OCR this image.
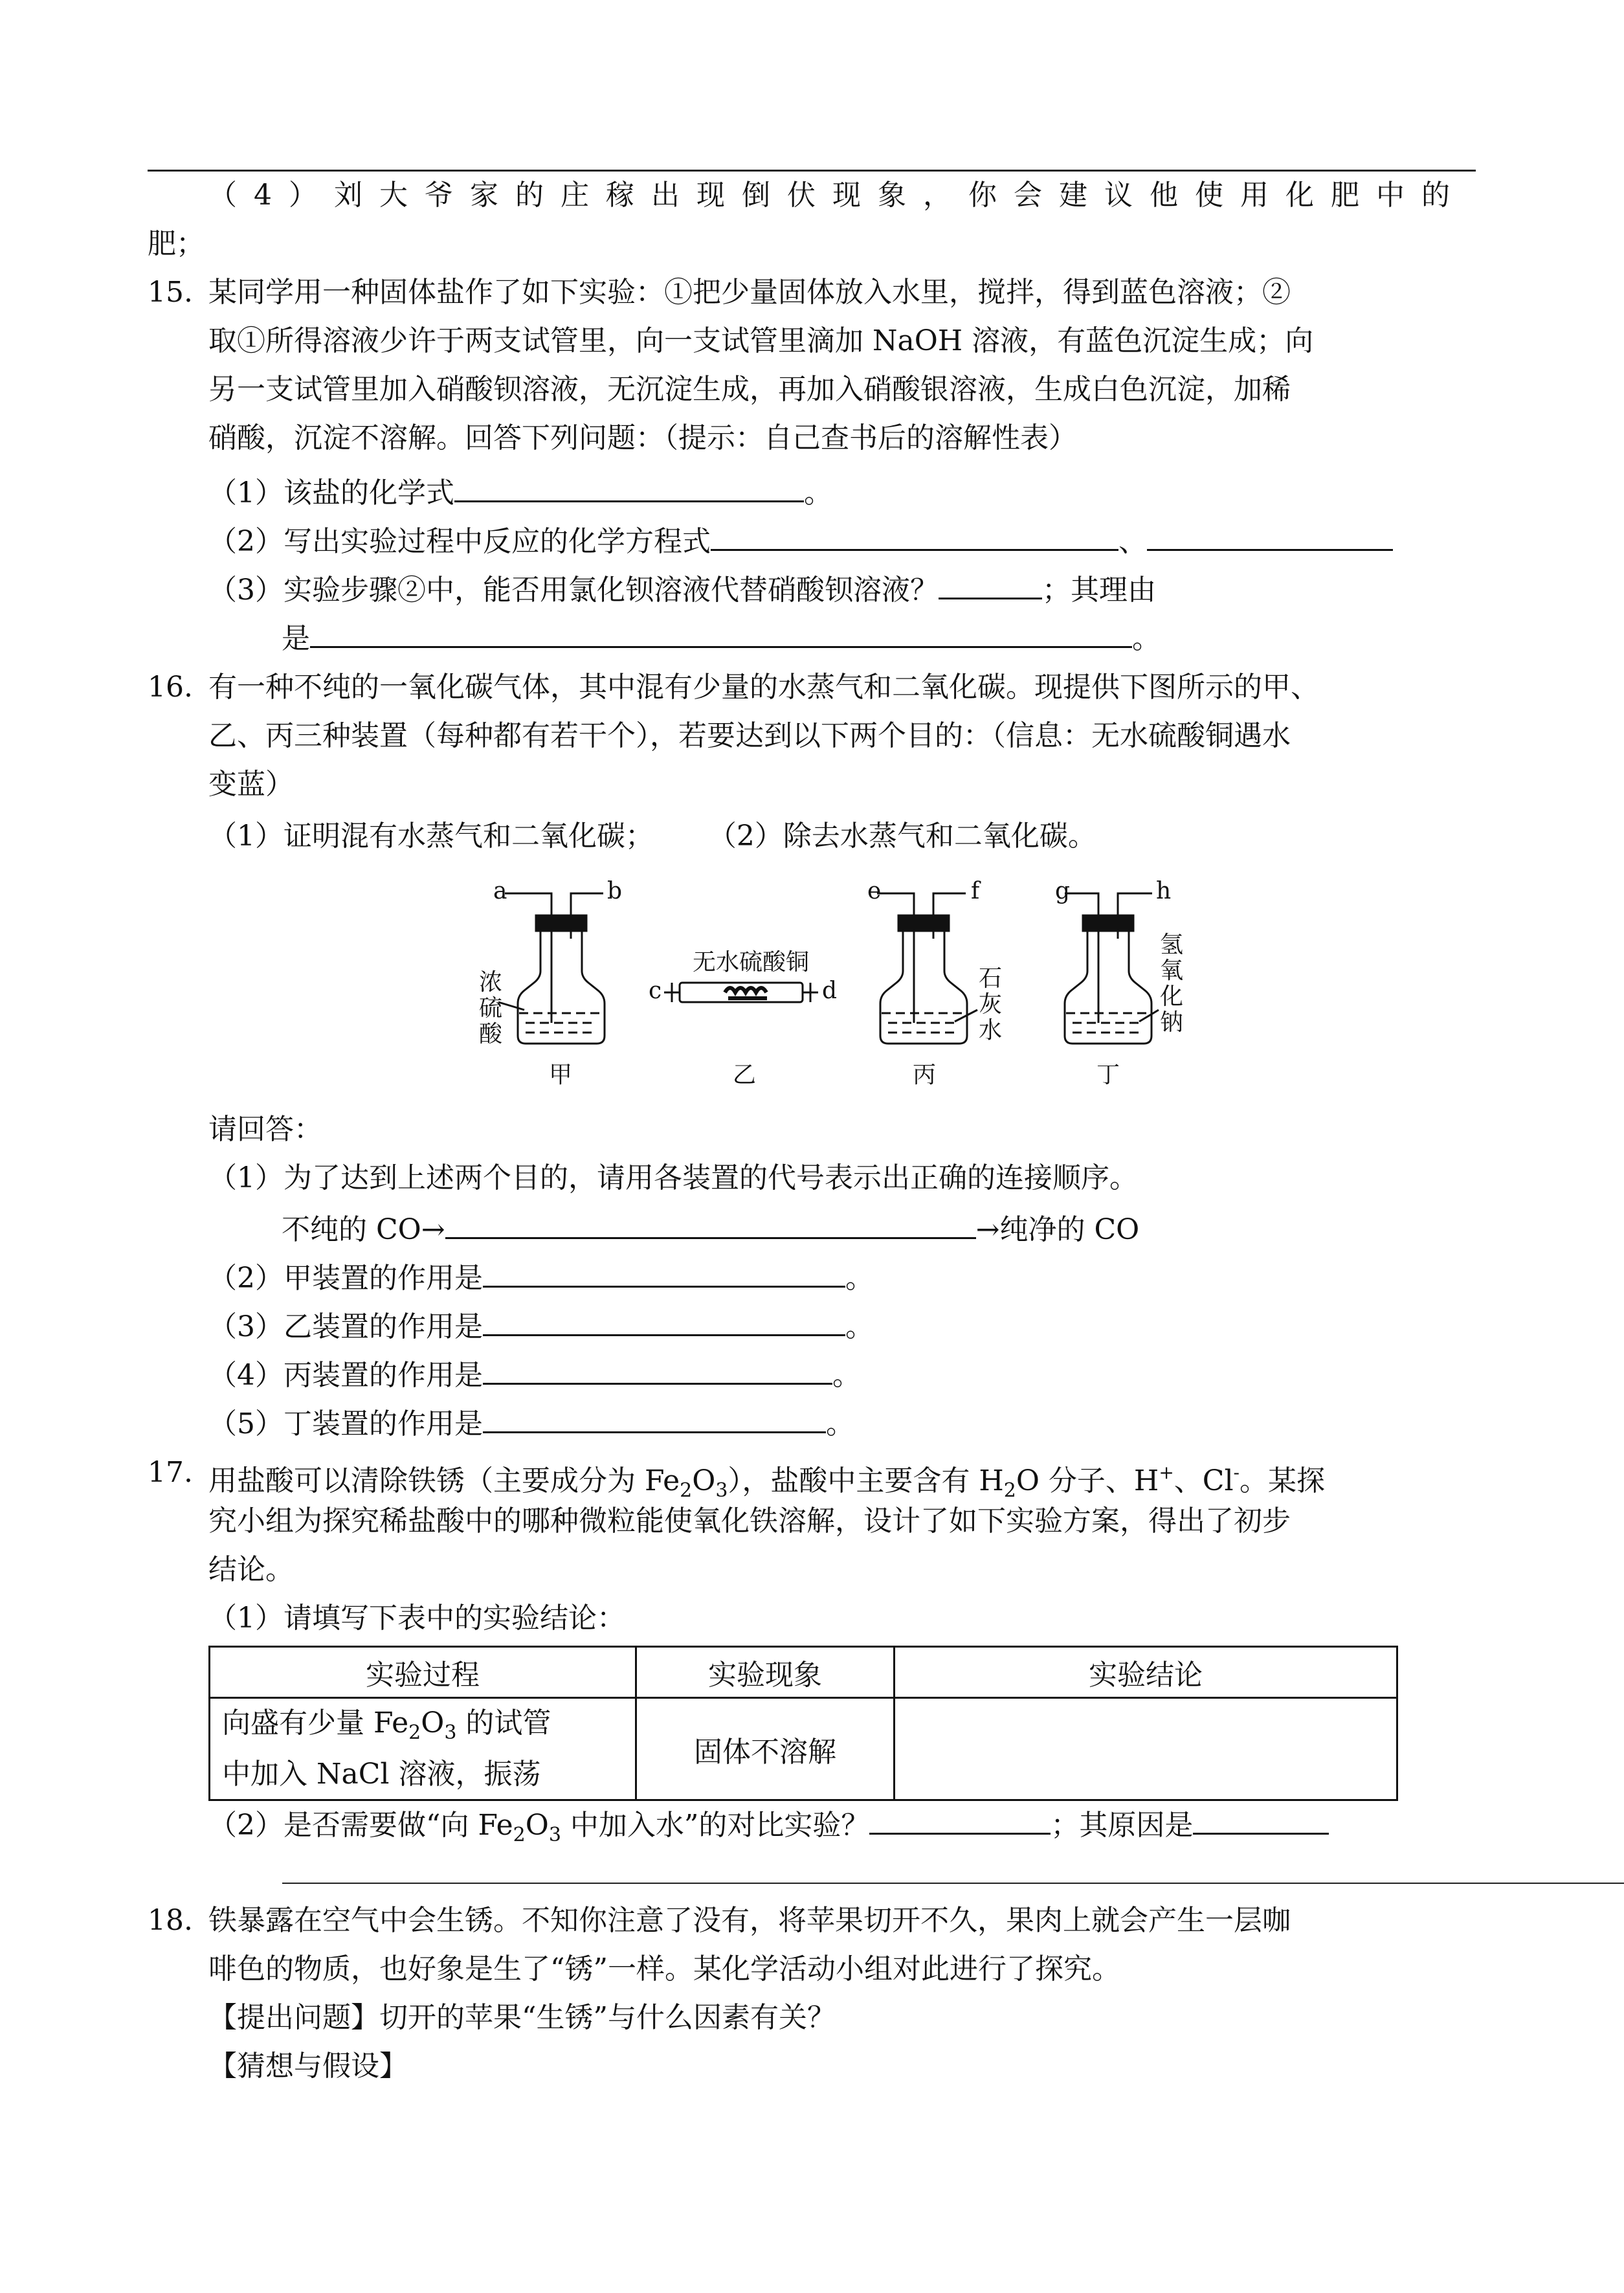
（4）刘大爷家的庄稼出现倒伏现象，你会建议他使用化肥中的
肥；
15. 某同学用一种固体盐作了如下实验：①把少量固体放入水里，搅拌，得到蓝色溶液；②
取①所得溶液少许于两支试管里，向一支试管里滴加 NaOH 溶液，有蓝色沉淀生成；向
另一支试管里加入硝酸钡溶液，无沉淀生成，再加入硝酸银溶液，生成白色沉淀，加稀
硝酸，沉淀不溶解。回答下列问题：（提示：自己查书后的溶解性表）
（1）该盐的化学式	。
（2）写出实验过程中反应的化学方程式	、
（3）实验步骤②中，能否用氯化钡溶液代替硝酸钡溶液？	；其理由
是	。
16. 有一种不纯的一氧化碳气体，其中混有少量的水蒸气和二氧化碳。现提供下图所示的甲、
乙、丙三种装置（每种都有若干个），若要达到以下两个目的：（信息：无水硫酸铜遇水
变蓝）
（1）证明混有水蒸气和二氧化碳；      （2）除去水蒸气和二氧化碳。
a	b
浓
硫
酸
甲
无水硫酸铜
c	d
乙
e	f
石
灰
水
丙
g	h
氢
氧
化
钠
丁
请回答：
（1）为了达到上述两个目的，请用各装置的代号表示出正确的连接顺序。
不纯的 CO→	→纯净的 CO
（2）甲装置的作用是	。
（3）乙装置的作用是	。
（4）丙装置的作用是	。
（5）丁装置的作用是	。
17. 用盐酸可以清除铁锈（主要成分为 $Fe_2O_3$），盐酸中主要含有 $H_2O$ 分子、H+、Cl-。某探
究小组为探究稀盐酸中的哪种微粒能使氧化铁溶解，设计了如下实验方案，得出了初步
结论。
（1）请填写下表中的实验结论：
实验过程	实验现象	实验结论
向盛有少量 $Fe_2O_3$ 的试管
中加入 NaCl 溶液，振荡	固体不溶解	
（2）是否需要做“向 $Fe_2O_3$ 中加入水”的对比实验？	；其原因是
18. 铁暴露在空气中会生锈。不知你注意了没有，将苹果切开不久，果肉上就会产生一层咖
啡色的物质，也好象是生了“锈”一样。某化学活动小组对此进行了探究。
【提出问题】切开的苹果“生锈”与什么因素有关？
【猜想与假设】
